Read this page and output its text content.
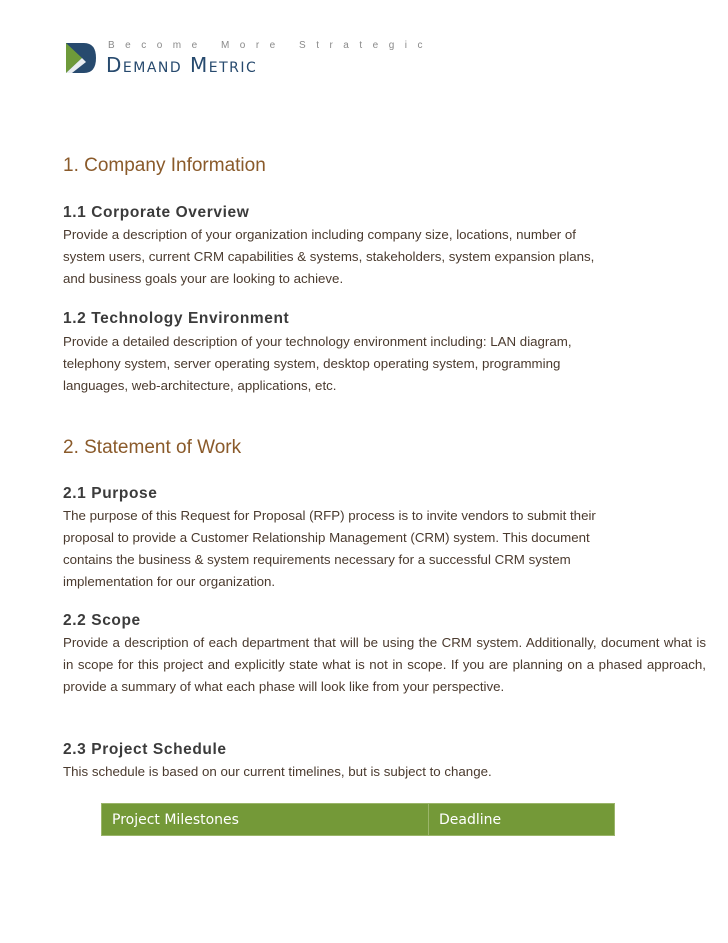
Become More Strategic
Demand Metric
1. Company Information
1.1 Corporate Overview
Provide a description of your organization including company size, locations, number of
system users, current CRM capabilities & systems, stakeholders, system expansion plans,
and business goals your are looking to achieve.
1.2 Technology Environment
Provide a detailed description of your technology environment including: LAN diagram,
telephony system, server operating system, desktop operating system, programming
languages, web-architecture, applications, etc.
2. Statement of Work
2.1 Purpose
The purpose of this Request for Proposal (RFP) process is to invite vendors to submit their
proposal to provide a Customer Relationship Management (CRM) system. This document
contains the business & system requirements necessary for a successful CRM system
implementation for our organization.
2.2 Scope

Provide a description of each department that will be using the CRM system. Additionally, document what is in scope for this project and explicitly state what is not in scope. If you are planning on a phased approach, provide a summary of what each phase will look like from your perspective.

2.3 Project Schedule
This schedule is based on our current timelines, but is subject to change.
Project Milestones	Deadline
